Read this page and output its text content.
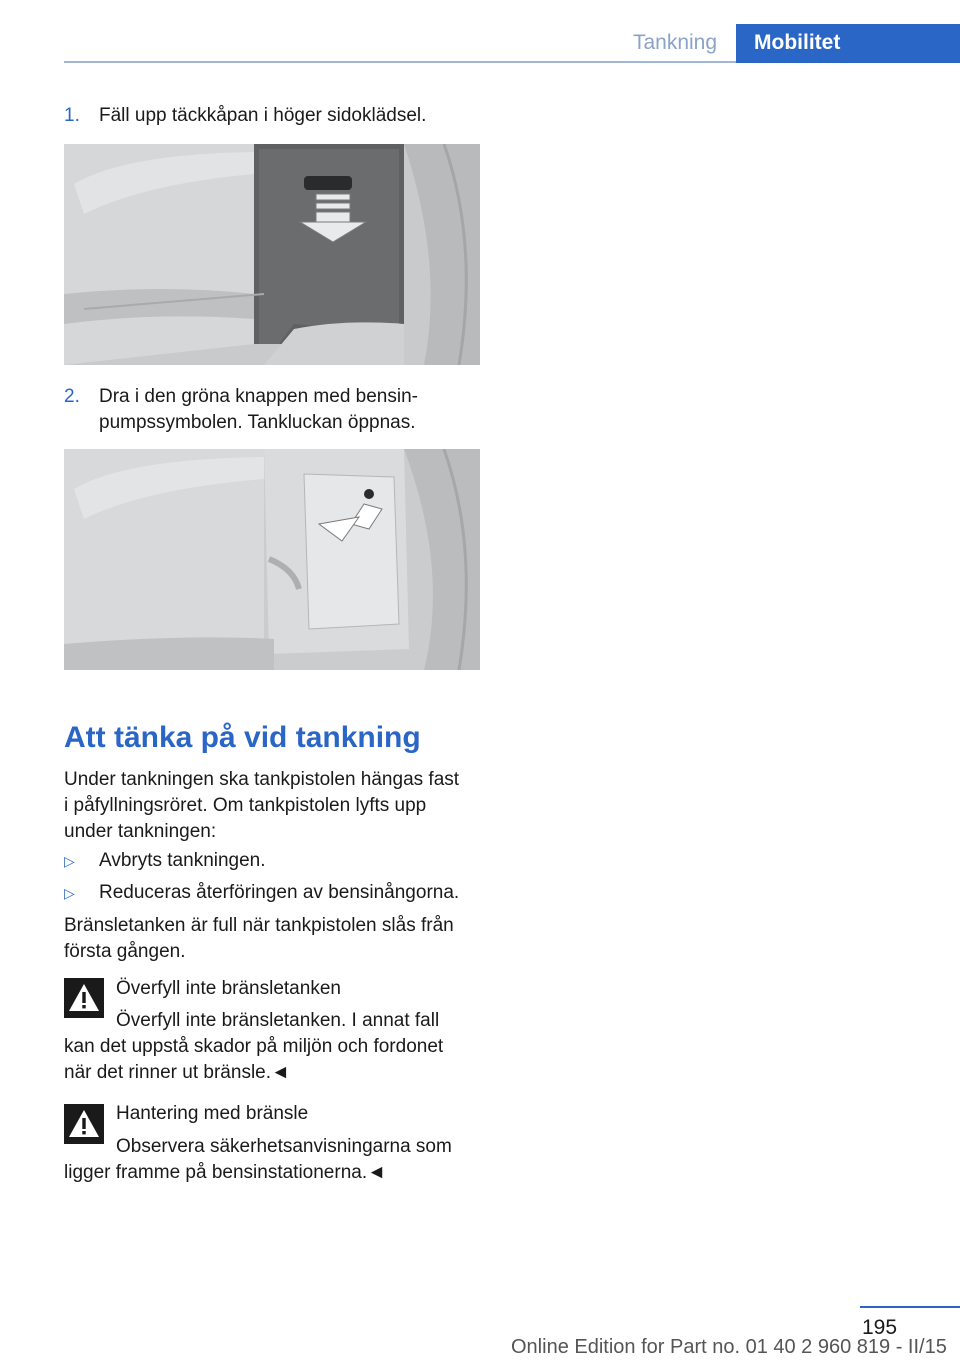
Tankning	Mobilitet
1. Fäll upp täckkåpan i höger sidoklädsel.
2. Dra i den gröna knappen med bensin-
pumpssymbolen. Tankluckan öppnas.
Att tänka på vid tankning
Under tankningen ska tankpistolen hängas fast
i påfyllningsröret. Om tankpistolen lyfts upp
under tankningen:
▷ Avbryts tankningen.
▷ Reduceras återföringen av bensinångorna.
Bränsletanken är full när tankpistolen slås från
första gången.
Överfyll inte bränsletanken
Överfyll inte bränsletanken. I annat fall
kan det uppstå skador på miljön och fordonet
när det rinner ut bränsle.◄
Hantering med bränsle
Observera säkerhetsanvisningarna som
ligger framme på bensinstationerna.◄
195
Online Edition for Part no. 01 40 2 960 819 - II/15
